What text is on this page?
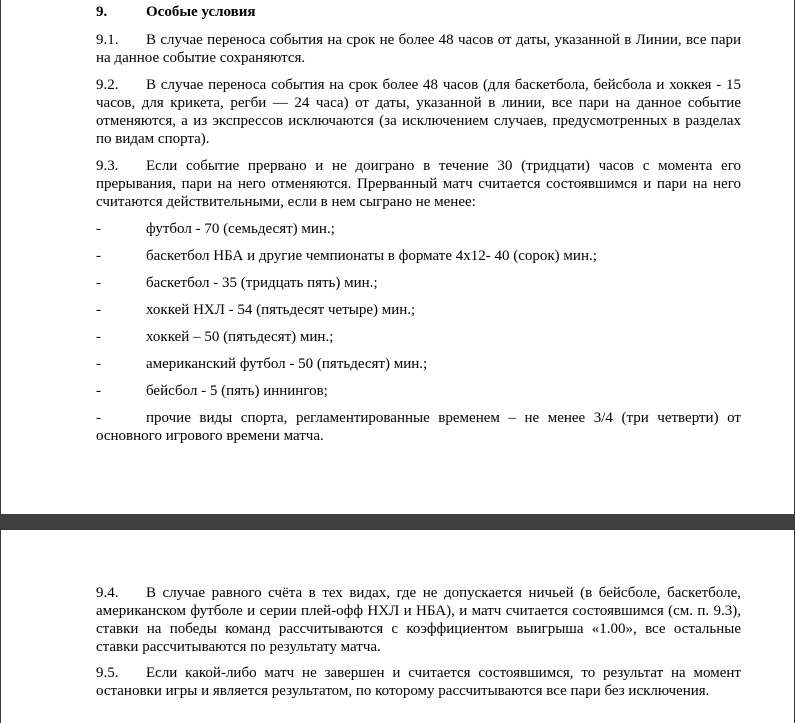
9.	Особые условия
9.1. В случае переноса события на срок не более 48 часов от даты, указанной в Линии, все пари на данное событие сохраняются.
9.2. В случае переноса события на срок более 48 часов (для баскетбола, бейсбола и хоккея - 15 часов, для крикета, регби — 24 часа) от даты, указанной в линии, все пари на данное событие отменяются, а из экспрессов исключаются (за исключением случаев, предусмотренных в разделах по видам спорта).
9.3. Если событие прервано и не доиграно в течение 30 (тридцати) часов с момента его прерывания, пари на него отменяются. Прерванный матч считается состоявшимся и пари на него считаются действительными, если в нем сыграно не менее:
-	футбол - 70 (семьдесят) мин.;
-	баскетбол НБА и другие чемпионаты в формате 4х12- 40 (сорок) мин.;
-	баскетбол - 35 (тридцать пять) мин.;
-	хоккей НХЛ - 54 (пятьдесят четыре) мин.;
-	хоккей – 50 (пятьдесят) мин.;
-	американский футбол - 50 (пятьдесят) мин.;
-	бейсбол - 5 (пять) иннингов;
-	прочие виды спорта, регламентированные временем – не менее 3/4 (три четверти) от основного игрового времени матча.
9.4. В случае равного счёта в тех видах, где не допускается ничьей (в бейсболе, баскетболе, американском футболе и серии плей-офф НХЛ и НБА), и матч считается состоявшимся (см. п. 9.3), ставки на победы команд рассчитываются с коэффициентом выигрыша «1.00», все остальные ставки рассчитываются по результату матча.
9.5. Если какой-либо матч не завершен и считается состоявшимся, то результат на момент остановки игры и является результатом, по которому рассчитываются все пари без исключения.
